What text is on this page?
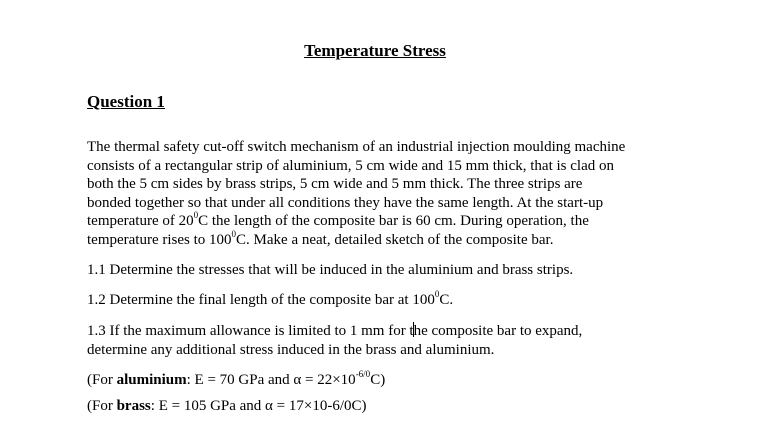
Temperature Stress
Question 1
The thermal safety cut-off switch mechanism of an industrial injection moulding machine
consists of a rectangular strip of aluminium, 5 cm wide and 15 mm thick, that is clad on
both the 5 cm sides by brass strips, 5 cm wide and 5 mm thick. The three strips are
bonded together so that under all conditions they have the same length. At the start-up
temperature of $20^0C$ the length of the composite bar is 60 cm. During operation, the
temperature rises to $100^0C$. Make a neat, detailed sketch of the composite bar.
1.1 Determine the stresses that will be induced in the aluminium and brass strips.
1.2 Determine the final length of the composite bar at $100^0C$.
1.3 If the maximum allowance is limited to 1 mm for the composite bar to expand,
determine any additional stress induced in the brass and aluminium.
(For aluminium: E = 70 GPa and $\alpha = 22\times 10^{-6/0}C$)
(For brass: E = 105 GPa and α = 17×10-6/0C)
